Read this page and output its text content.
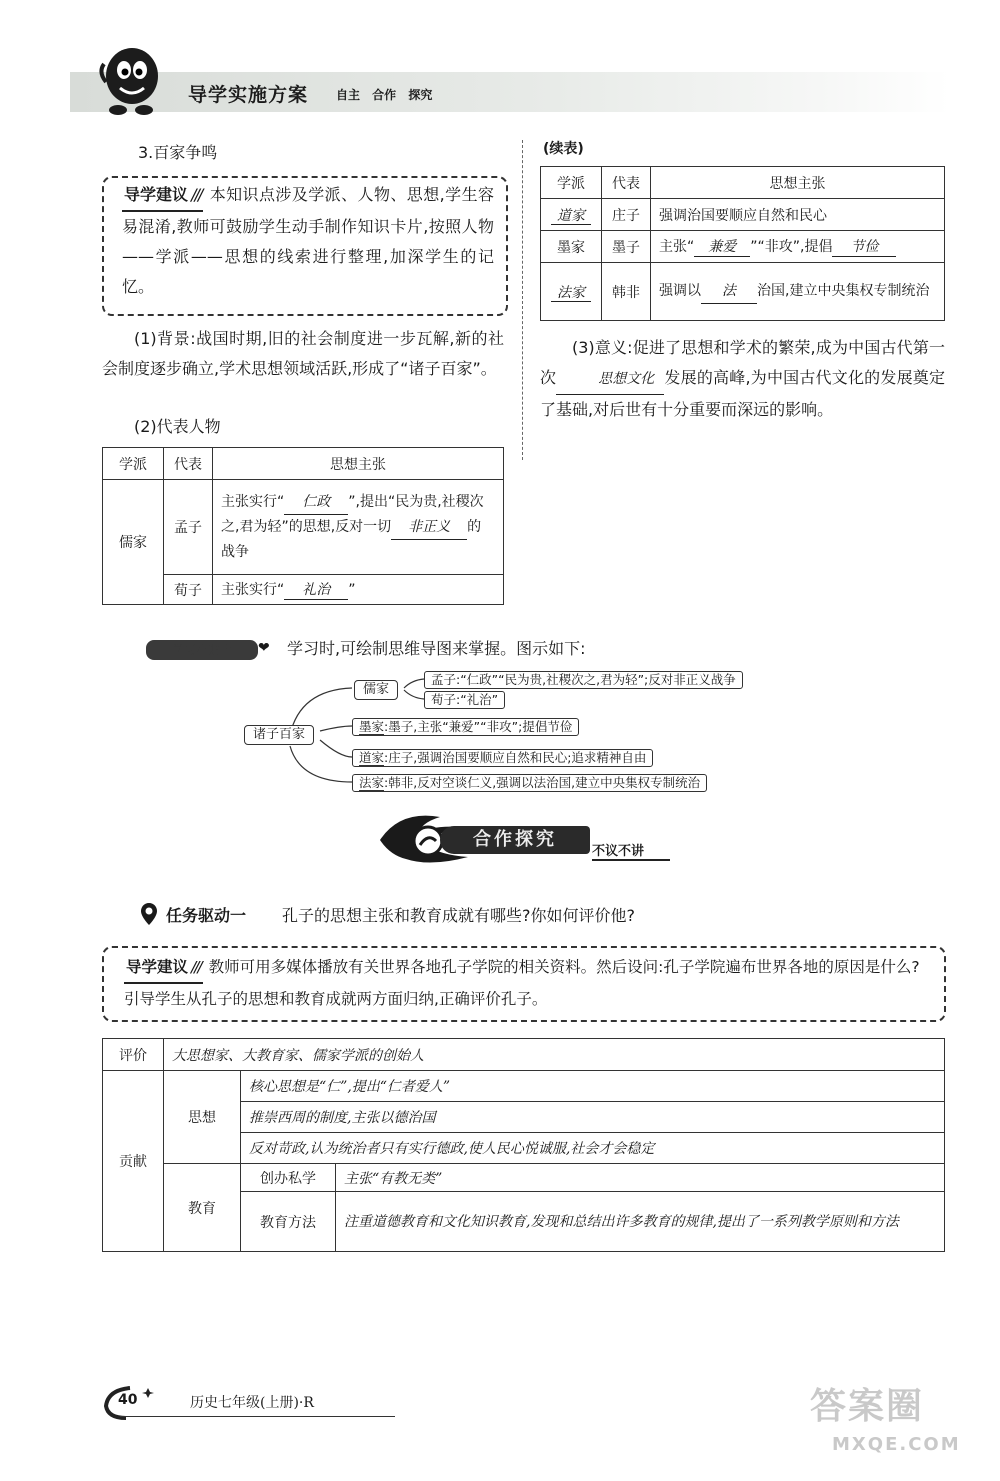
导学实施方案 自主 合作 探究
3.百家争鸣
导学建议 /// 本知识点涉及学派、人物、思想,学生容易混淆,教师可鼓励学生动手制作知识卡片,按照人物——学派——思想的线索进行整理,加深学生的记忆。
(1)背景:战国时期,旧的社会制度进一步瓦解,新的社会制度逐步确立,学术思想领域活跃,形成了“诸子百家”。
(2)代表人物
学派	代表	思想主张
儒家	孟子	主张实行“ 仁政 ”,提出“民为贵,社稷次之,君为轻”的思想,反对一切 非正义 的战争
	荀子	主张实行“ 礼治 ”
(续表)
学派	代表	思想主张
道家	庄子	强调治国要顺应自然和民心
墨家	墨子	主张“ 兼爱 ”“非攻”,提倡 节俭
法家	韩非	强调以 法 治国,建立中央集权专制统治
(3)意义:促进了思想和学术的繁荣,成为中国古代第一次	思想文化 发展的高峰,为中国古代文化的发展奠定了基础,对后世有十分重要而深远的影响。
学习小贴士	❤ 学习时,可绘制思维导图来掌握。图示如下:
诸子百家
儒家
孟子:“仁政”“民为贵,社稷次之,君为轻”;反对非正义战争
荀子:“礼治”
墨家:墨子,主张“兼爱”“非攻”;提倡节俭
道家:庄子,强调治国要顺应自然和民心;追求精神自由
法家:韩非,反对空谈仁义,强调以法治国,建立中央集权专制统治
合作探究
不议不讲
任务驱动一 孔子的思想主张和教育成就有哪些?你如何评价他?
导学建议 /// 教师可用多媒体播放有关世界各地孔子学院的相关资料。然后设问:孔子学院遍布世界各地的原因是什么?引导学生从孔子的思想和教育成就两方面归纳,正确评价孔子。
评价	大思想家、大教育家、儒家学派的创始人		
贡献	思想	核心思想是“仁”,提出“仁者爱人”	
		推崇西周的制度,主张以德治国	
		反对苛政,认为统治者只有实行德政,使人民心悦诚服,社会才会稳定	
	教育	创办私学	主张“有教无类”
		教育方法	注重道德教育和文化知识教育,发现和总结出许多教育的规律,提出了一系列教学原则和方法
40	历史七年级(上册)·R	答案圈
MXQE.COM
